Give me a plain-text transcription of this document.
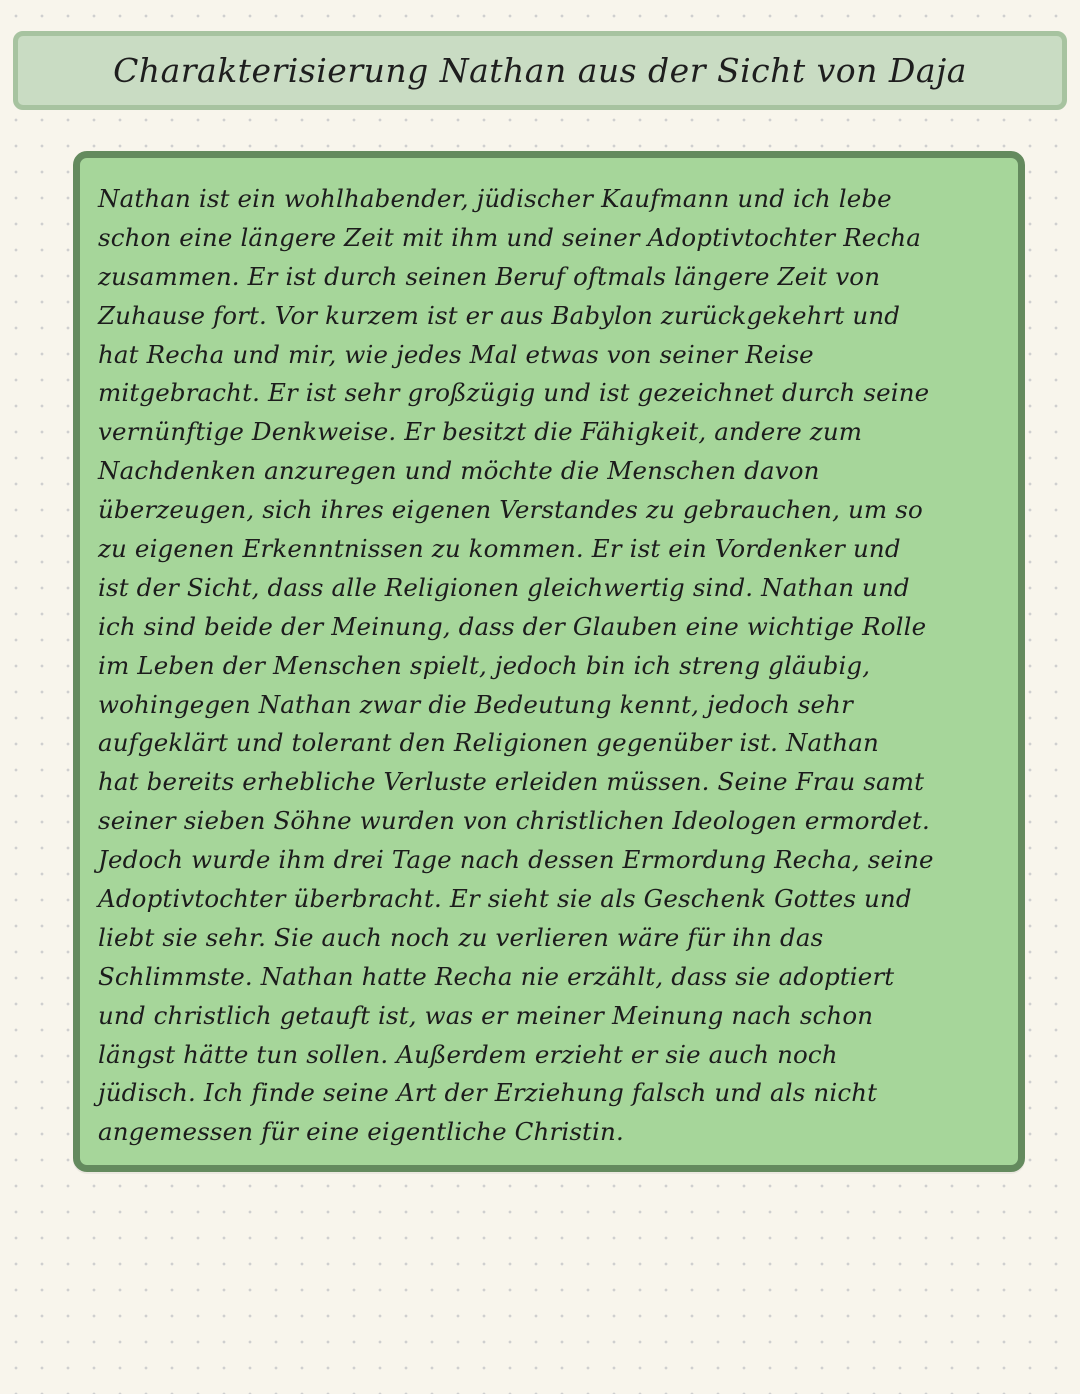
Charakterisierung Nathan aus der Sicht von Daja
Nathan ist ein wohlhabender, jüdischer Kaufmann und ich lebe
schon eine längere Zeit mit ihm und seiner Adoptivtochter Recha
zusammen. Er ist durch seinen Beruf oftmals längere Zeit von
Zuhause fort. Vor kurzem ist er aus Babylon zurückgekehrt und
hat Recha und mir, wie jedes Mal etwas von seiner Reise
mitgebracht. Er ist sehr großzügig und ist gezeichnet durch seine
vernünftige Denkweise. Er besitzt die Fähigkeit, andere zum
Nachdenken anzuregen und möchte die Menschen davon
überzeugen, sich ihres eigenen Verstandes zu gebrauchen, um so
zu eigenen Erkenntnissen zu kommen. Er ist ein Vordenker und
ist der Sicht, dass alle Religionen gleichwertig sind. Nathan und
ich sind beide der Meinung, dass der Glauben eine wichtige Rolle
im Leben der Menschen spielt, jedoch bin ich streng gläubig,
wohingegen Nathan zwar die Bedeutung kennt, jedoch sehr
aufgeklärt und tolerant den Religionen gegenüber ist. Nathan
hat bereits erhebliche Verluste erleiden müssen. Seine Frau samt
seiner sieben Söhne wurden von christlichen Ideologen ermordet.
Jedoch wurde ihm drei Tage nach dessen Ermordung Recha, seine
Adoptivtochter überbracht. Er sieht sie als Geschenk Gottes und
liebt sie sehr. Sie auch noch zu verlieren wäre für ihn das
Schlimmste. Nathan hatte Recha nie erzählt, dass sie adoptiert
und christlich getauft ist, was er meiner Meinung nach schon
längst hätte tun sollen. Außerdem erzieht er sie auch noch
jüdisch. Ich finde seine Art der Erziehung falsch und als nicht
angemessen für eine eigentliche Christin.
